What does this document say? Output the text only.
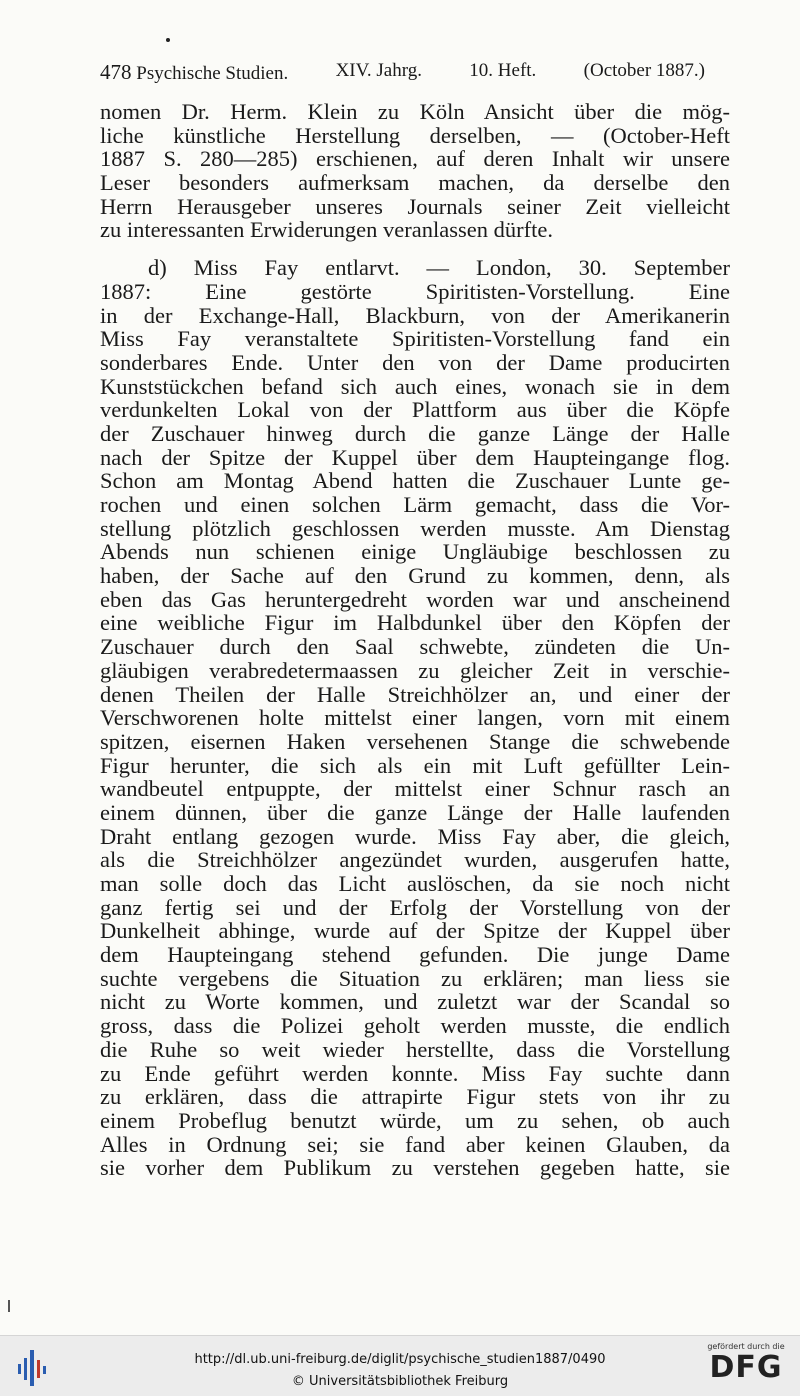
478 Psychische Studien. XIV. Jahrg. 10. Heft. (October 1887.)
nomen Dr. Herm. Klein zu Köln Ansicht über die mög-
liche künstliche Herstellung derselben, — (October-Heft
1887 S. 280—285) erschienen, auf deren Inhalt wir unsere
Leser besonders aufmerksam machen, da derselbe den
Herrn Herausgeber unseres Journals seiner Zeit vielleicht
zu interessanten Erwiderungen veranlassen dürfte.
d) Miss Fay entlarvt. — London, 30. September
1887: Eine gestörte Spiritisten-Vorstellung. Eine
in der Exchange-Hall, Blackburn, von der Amerikanerin
Miss Fay veranstaltete Spiritisten-Vorstellung fand ein
sonderbares Ende. Unter den von der Dame producirten
Kunststückchen befand sich auch eines, wonach sie in dem
verdunkelten Lokal von der Plattform aus über die Köpfe
der Zuschauer hinweg durch die ganze Länge der Halle
nach der Spitze der Kuppel über dem Haupteingange flog.
Schon am Montag Abend hatten die Zuschauer Lunte ge-
rochen und einen solchen Lärm gemacht, dass die Vor-
stellung plötzlich geschlossen werden musste. Am Dienstag
Abends nun schienen einige Ungläubige beschlossen zu
haben, der Sache auf den Grund zu kommen, denn, als
eben das Gas heruntergedreht worden war und anscheinend
eine weibliche Figur im Halbdunkel über den Köpfen der
Zuschauer durch den Saal schwebte, zündeten die Un-
gläubigen verabredetermaassen zu gleicher Zeit in verschie-
denen Theilen der Halle Streichhölzer an, und einer der
Verschworenen holte mittelst einer langen, vorn mit einem
spitzen, eisernen Haken versehenen Stange die schwebende
Figur herunter, die sich als ein mit Luft gefüllter Lein-
wandbeutel entpuppte, der mittelst einer Schnur rasch an
einem dünnen, über die ganze Länge der Halle laufenden
Draht entlang gezogen wurde. Miss Fay aber, die gleich,
als die Streichhölzer angezündet wurden, ausgerufen hatte,
man solle doch das Licht auslöschen, da sie noch nicht
ganz fertig sei und der Erfolg der Vorstellung von der
Dunkelheit abhinge, wurde auf der Spitze der Kuppel über
dem Haupteingang stehend gefunden. Die junge Dame
suchte vergebens die Situation zu erklären; man liess sie
nicht zu Worte kommen, und zuletzt war der Scandal so
gross, dass die Polizei geholt werden musste, die endlich
die Ruhe so weit wieder herstellte, dass die Vorstellung
zu Ende geführt werden konnte. Miss Fay suchte dann
zu erklären, dass die attrapirte Figur stets von ihr zu
einem Probeflug benutzt würde, um zu sehen, ob auch
Alles in Ordnung sei; sie fand aber keinen Glauben, da
sie vorher dem Publikum zu verstehen gegeben hatte, sie
http://dl.ub.uni-freiburg.de/diglit/psychische_studien1887/0490
© Universitätsbibliothek Freiburg
gefördert durch die
DFG
